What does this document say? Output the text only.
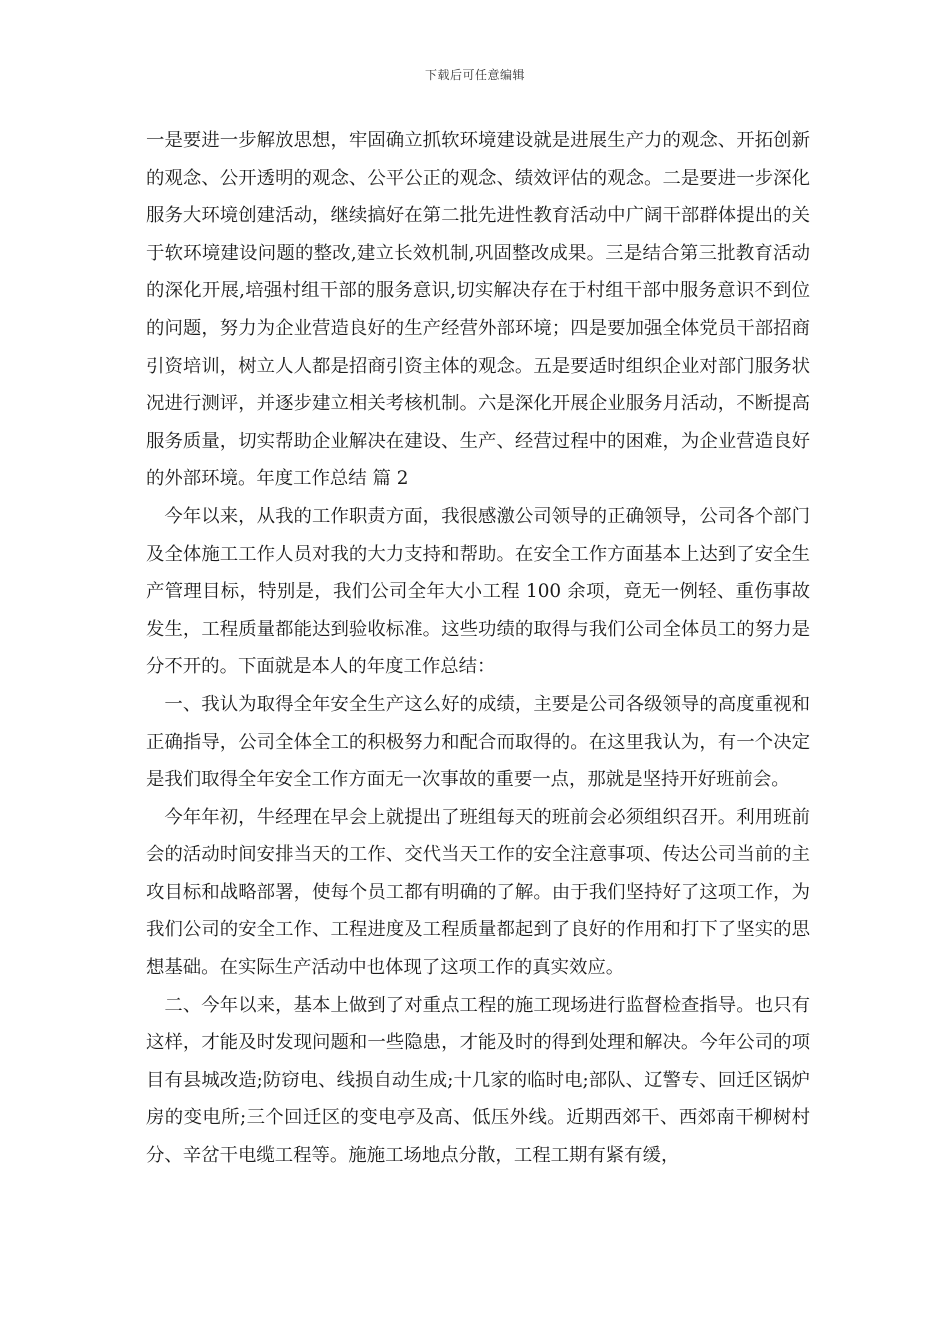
下载后可任意编辑

一是要进一步解放思想，牢固确立抓软环境建设就是进展生产力的观念、开拓创新的观念、公开透明的观念、公平公正的观念、绩效评估的观念。二是要进一步深化服务大环境创建活动，继续搞好在第二批先进性教育活动中广阔干部群体提出的关于软环境建设问题的整改,建立长效机制,巩固整改成果。三是结合第三批教育活动的深化开展,培强村组干部的服务意识,切实解决存在于村组干部中服务意识不到位的问题，努力为企业营造良好的生产经营外部环境；四是要加强全体党员干部招商引资培训，树立人人都是招商引资主体的观念。五是要适时组织企业对部门服务状况进行测评，并逐步建立相关考核机制。六是深化开展企业服务月活动，不断提高服务质量，切实帮助企业解决在建设、生产、经营过程中的困难，为企业营造良好的外部环境。年度工作总结 篇 2

今年以来，从我的工作职责方面，我很感激公司领导的正确领导，公司各个部门及全体施工工作人员对我的大力支持和帮助。在安全工作方面基本上达到了安全生产管理目标，特别是，我们公司全年大小工程 100 余项，竟无一例轻、重伤事故发生，工程质量都能达到验收标准。这些功绩的取得与我们公司全体员工的努力是分不开的。下面就是本人的年度工作总结：

一、我认为取得全年安全生产这么好的成绩，主要是公司各级领导的高度重视和正确指导，公司全体全工的积极努力和配合而取得的。在这里我认为，有一个决定是我们取得全年安全工作方面无一次事故的重要一点，那就是坚持开好班前会。

今年年初，牛经理在早会上就提出了班组每天的班前会必须组织召开。利用班前会的活动时间安排当天的工作、交代当天工作的安全注意事项、传达公司当前的主攻目标和战略部署，使每个员工都有明确的了解。由于我们坚持好了这项工作，为我们公司的安全工作、工程进度及工程质量都起到了良好的作用和打下了坚实的思想基础。在实际生产活动中也体现了这项工作的真实效应。

二、今年以来，基本上做到了对重点工程的施工现场进行监督检查指导。也只有这样，才能及时发现问题和一些隐患，才能及时的得到处理和解决。今年公司的项目有县城改造;防窃电、线损自动生成;十几家的临时电;部队、辽警专、回迁区锅炉房的变电所;三个回迁区的变电亭及高、低压外线。近期西郊干、西郊南干柳树村分、辛岔干电缆工程等。施施工场地点分散，工程工期有紧有缓，
